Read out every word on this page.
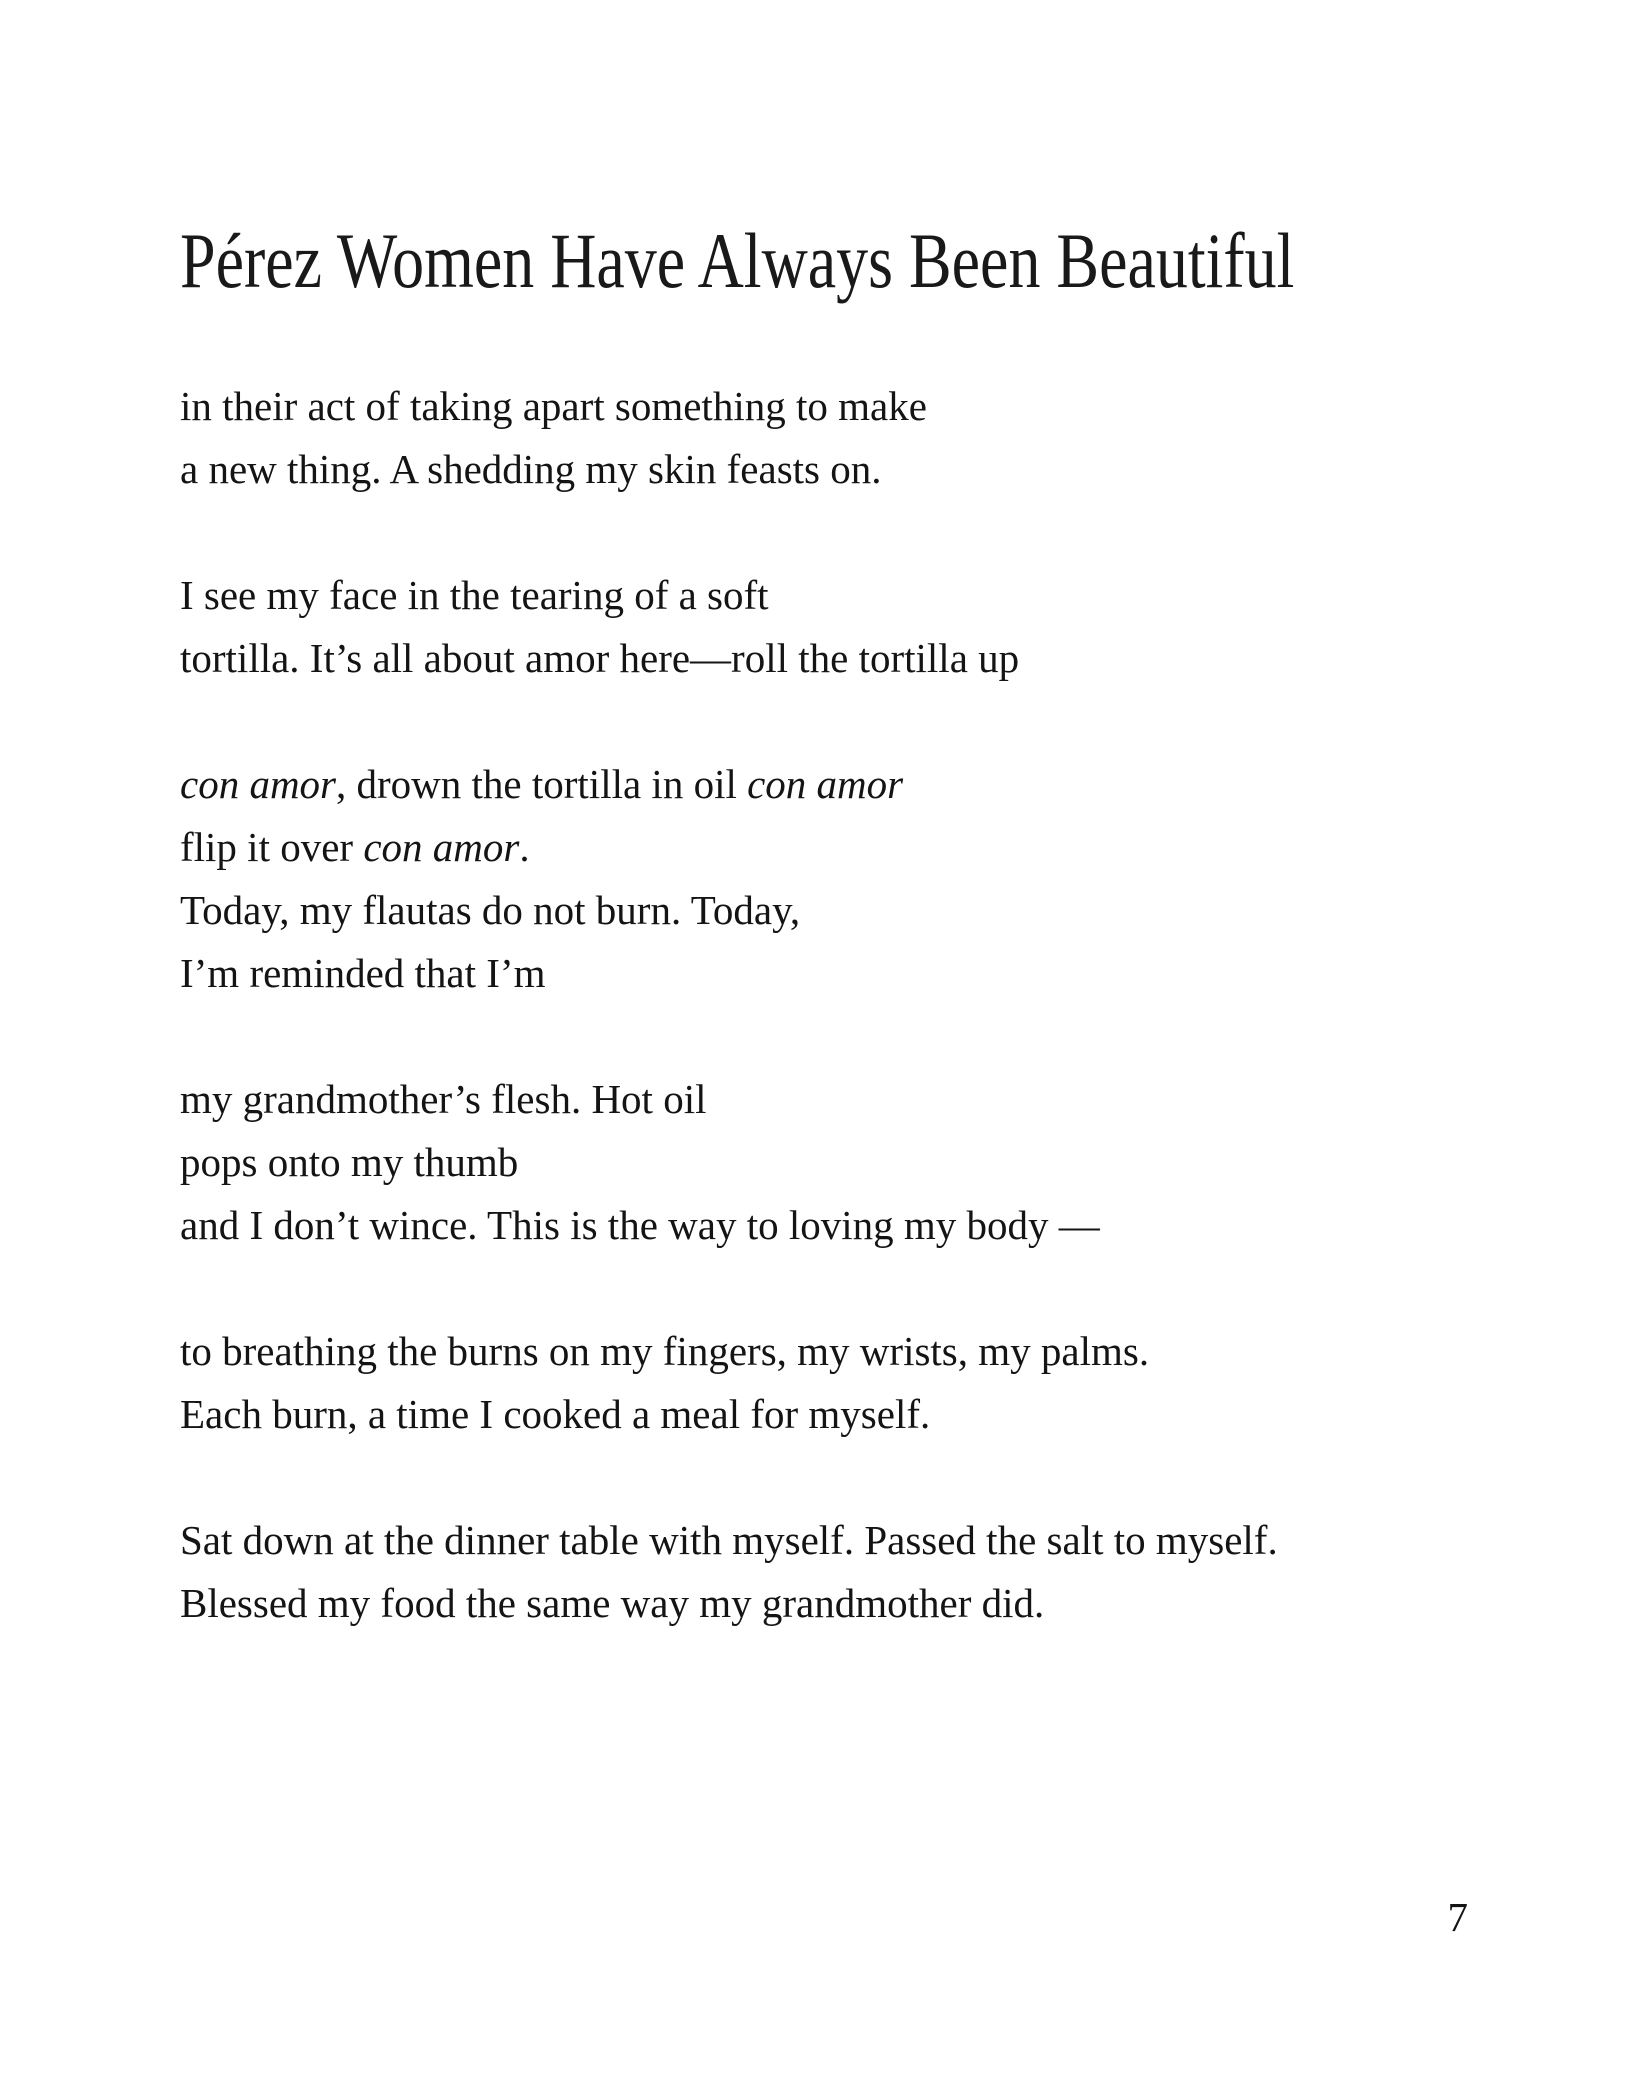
Pérez Women Have Always Been Beautiful

in their act of taking apart something to make
a new thing. A shedding my skin feasts on.

I see my face in the tearing of a soft
tortilla. It’s all about amor here—roll the tortilla up

con amor, drown the tortilla in oil con amor
flip it over con amor.
Today, my flautas do not burn. Today,
I’m reminded that I’m

my grandmother’s flesh. Hot oil
pops onto my thumb
and I don’t wince. This is the way to loving my body —

to breathing the burns on my fingers, my wrists, my palms.
Each burn, a time I cooked a meal for myself.

Sat down at the dinner table with myself. Passed the salt to myself.
Blessed my food the same way my grandmother did.

7
